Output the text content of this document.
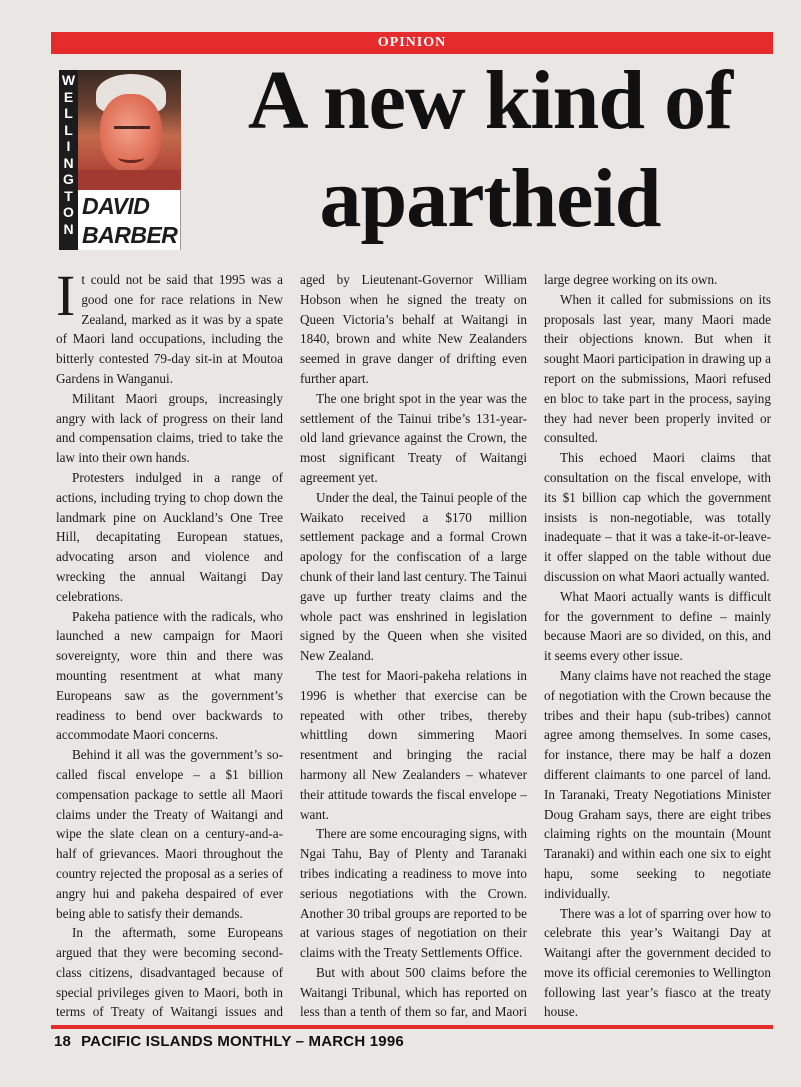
OPINION
W
E
L
L
I
N
G
T
O
N
DAVID
BARBER
A new kind of
apartheid

It could not be said that 1995 was a good one for race relations in New Zealand, marked as it was by a spate of Maori land occupations, including the bitterly contested 79-day sit-in at Moutoa Gardens in Wanganui.

Militant Maori groups, increasingly angry with lack of progress on their land and compensation claims, tried to take the law into their own hands.

Protesters indulged in a range of actions, including trying to chop down the landmark pine on Auckland’s One Tree Hill, decapitating European statues, advocating arson and violence and wrecking the annual Waitangi Day celebrations.

Pakeha patience with the radicals, who launched a new campaign for Maori sovereignty, wore thin and there was mounting resentment at what many Europeans saw as the government’s readiness to bend over backwards to accommodate Maori concerns.

Behind it all was the government’s so-called fiscal envelope – a $1 billion compensation package to settle all Maori claims under the Treaty of Waitangi and wipe the slate clean on a century-and-a-half of grievances. Maori throughout the country rejected the proposal as a series of angry hui and pakeha despaired of ever being able to satisfy their demands.

In the aftermath, some Europeans argued that they were becoming second-class citizens, disadvantaged because of special privileges given to Maori, both in terms of Treaty of Waitangi issues and

aged by Lieutenant-Governor William Hobson when he signed the treaty on Queen Victoria’s behalf at Waitangi in 1840, brown and white New Zealanders seemed in grave danger of drifting even further apart.

The one bright spot in the year was the settlement of the Tainui tribe’s 131-year-old land grievance against the Crown, the most significant Treaty of Waitangi agreement yet.

Under the deal, the Tainui people of the Waikato received a $170 million settlement package and a formal Crown apology for the confiscation of a large chunk of their land last century. The Tainui gave up further treaty claims and the whole pact was enshrined in legislation signed by the Queen when she visited New Zealand.

The test for Maori-pakeha relations in 1996 is whether that exercise can be repeated with other tribes, thereby whittling down simmering Maori resentment and bringing the racial harmony all New Zealanders – whatever their attitude towards the fiscal envelope – want.

There are some encouraging signs, with Ngai Tahu, Bay of Plenty and Taranaki tribes indicating a readiness to move into serious negotiations with the Crown. Another 30 tribal groups are reported to be at various stages of negotiation on their claims with the Treaty Settlements Office.

But with about 500 claims before the Waitangi Tribunal, which has reported on less than a tenth of them so far, and Maori

large degree working on its own.

When it called for submissions on its proposals last year, many Maori made their objections known. But when it sought Maori participation in drawing up a report on the submissions, Maori refused en bloc to take part in the process, saying they had never been properly invited or consulted.

This echoed Maori claims that consultation on the fiscal envelope, with its $1 billion cap which the government insists is non-negotiable, was totally inadequate – that it was a take-it-or-leave-it offer slapped on the table without due discussion on what Maori actually wanted.

What Maori actually wants is difficult for the government to define – mainly because Maori are so divided, on this, and it seems every other issue.

Many claims have not reached the stage of negotiation with the Crown because the tribes and their hapu (sub-tribes) cannot agree among themselves. In some cases, for instance, there may be half a dozen different claimants to one parcel of land. In Taranaki, Treaty Negotiations Minister Doug Graham says, there are eight tribes claiming rights on the mountain (Mount Taranaki) and within each one six to eight hapu, some seeking to negotiate individually.

There was a lot of sparring over how to celebrate this year’s Waitangi Day at Waitangi after the government decided to move its official ceremonies to Wellington following last year’s fiasco at the treaty house.

18 PACIFIC ISLANDS MONTHLY – MARCH 1996
